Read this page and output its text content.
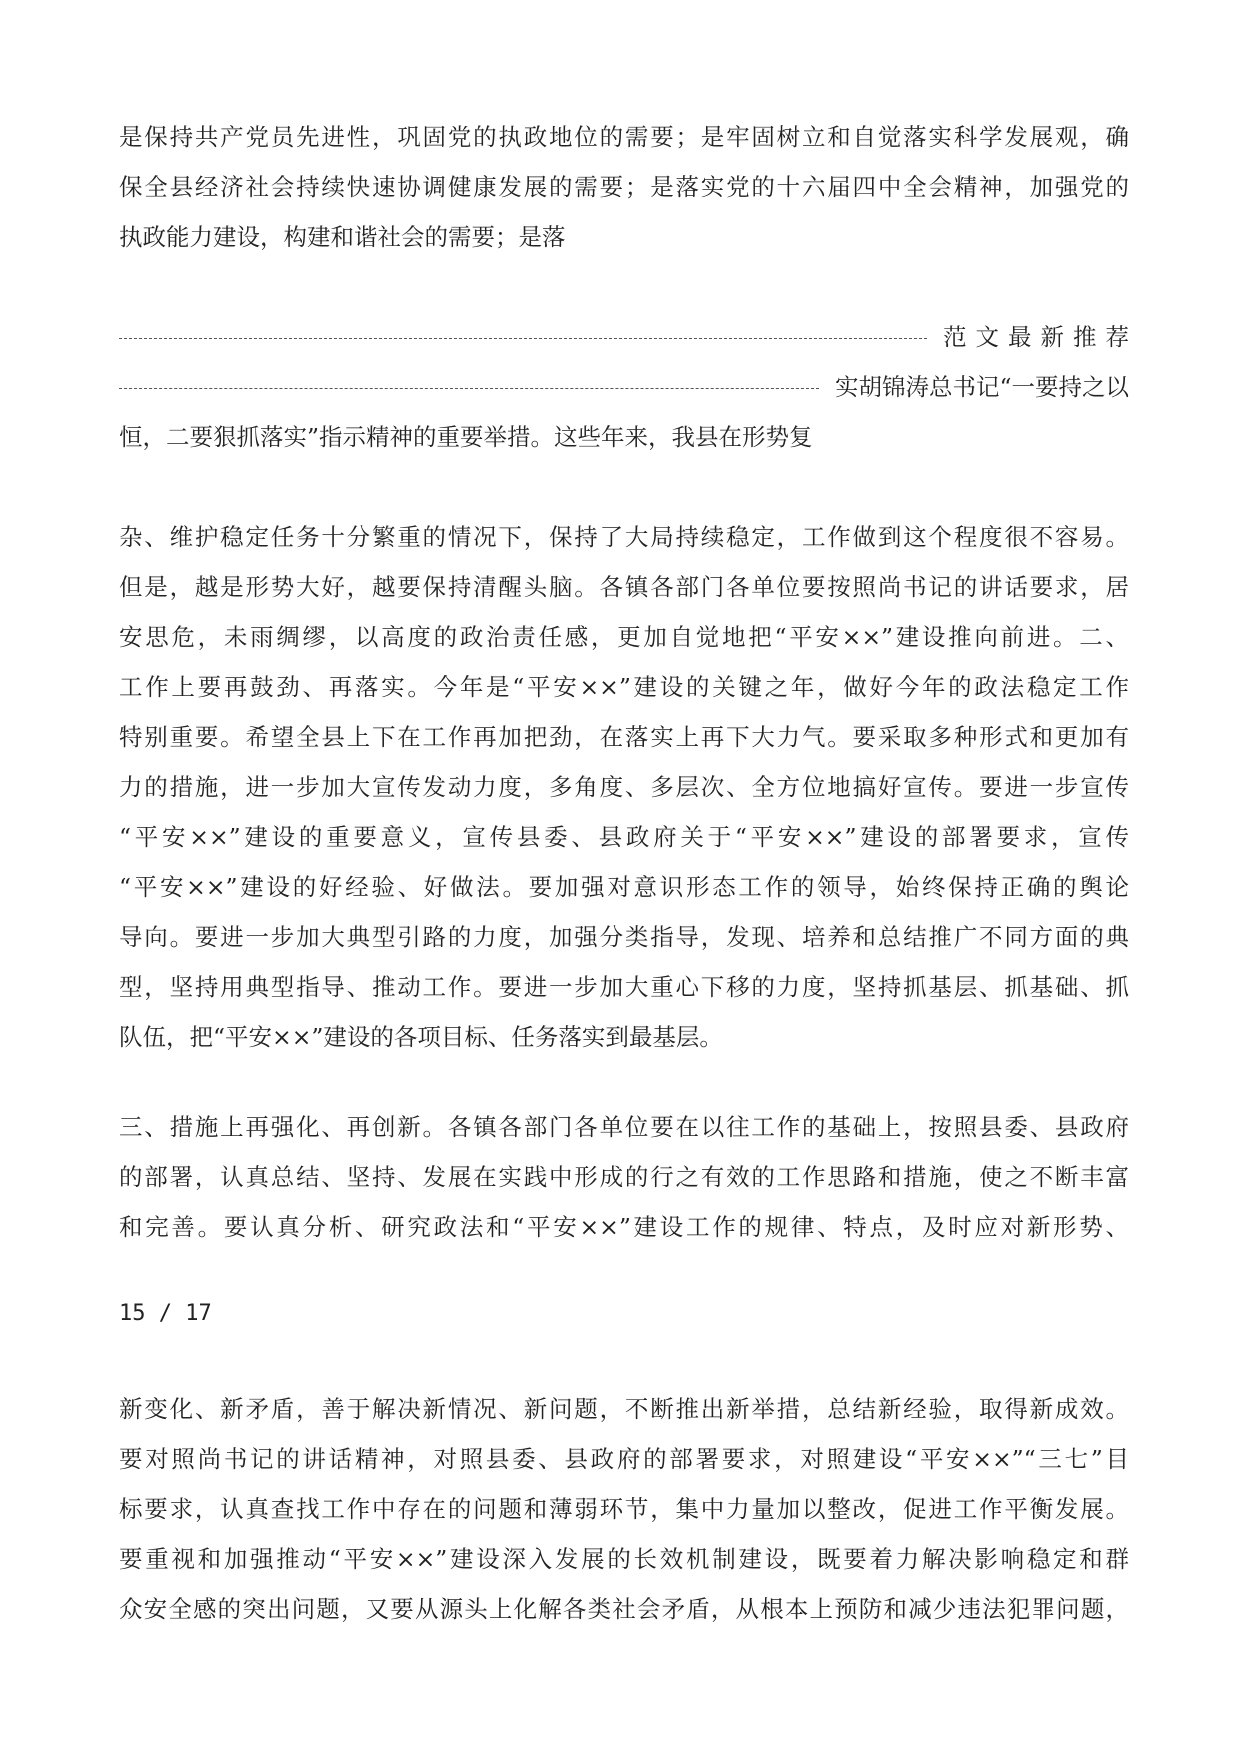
是保持共产党员先进性，巩固党的执政地位的需要；是牢固树立和自觉落实科学发展观，确
保全县经济社会持续快速协调健康发展的需要；是落实党的十六届四中全会精神，加强党的
执政能力建设，构建和谐社会的需要；是落
范文最新推荐
实胡锦涛总书记“一要持之以
恒，二要狠抓落实”指示精神的重要举措。这些年来，我县在形势复
杂、维护稳定任务十分繁重的情况下，保持了大局持续稳定，工作做到这个程度很不容易。
但是，越是形势大好，越要保持清醒头脑。各镇各部门各单位要按照尚书记的讲话要求，居
安思危，未雨绸缪，以高度的政治责任感，更加自觉地把“平安××”建设推向前进。二、
工作上要再鼓劲、再落实。今年是“平安××”建设的关键之年，做好今年的政法稳定工作
特别重要。希望全县上下在工作再加把劲，在落实上再下大力气。要采取多种形式和更加有
力的措施，进一步加大宣传发动力度，多角度、多层次、全方位地搞好宣传。要进一步宣传
“平安××”建设的重要意义，宣传县委、县政府关于“平安××”建设的部署要求，宣传
“平安××”建设的好经验、好做法。要加强对意识形态工作的领导，始终保持正确的舆论
导向。要进一步加大典型引路的力度，加强分类指导，发现、培养和总结推广不同方面的典
型，坚持用典型指导、推动工作。要进一步加大重心下移的力度，坚持抓基层、抓基础、抓
队伍，把“平安××”建设的各项目标、任务落实到最基层。
三、措施上再强化、再创新。各镇各部门各单位要在以往工作的基础上，按照县委、县政府
的部署，认真总结、坚持、发展在实践中形成的行之有效的工作思路和措施，使之不断丰富
和完善。要认真分析、研究政法和“平安××”建设工作的规律、特点，及时应对新形势、
15 / 17
新变化、新矛盾，善于解决新情况、新问题，不断推出新举措，总结新经验，取得新成效。
要对照尚书记的讲话精神，对照县委、县政府的部署要求，对照建设“平安××”“三七”目
标要求，认真查找工作中存在的问题和薄弱环节，集中力量加以整改，促进工作平衡发展。
要重视和加强推动“平安××”建设深入发展的长效机制建设，既要着力解决影响稳定和群
众安全感的突出问题，又要从源头上化解各类社会矛盾，从根本上预防和减少违法犯罪问题，
